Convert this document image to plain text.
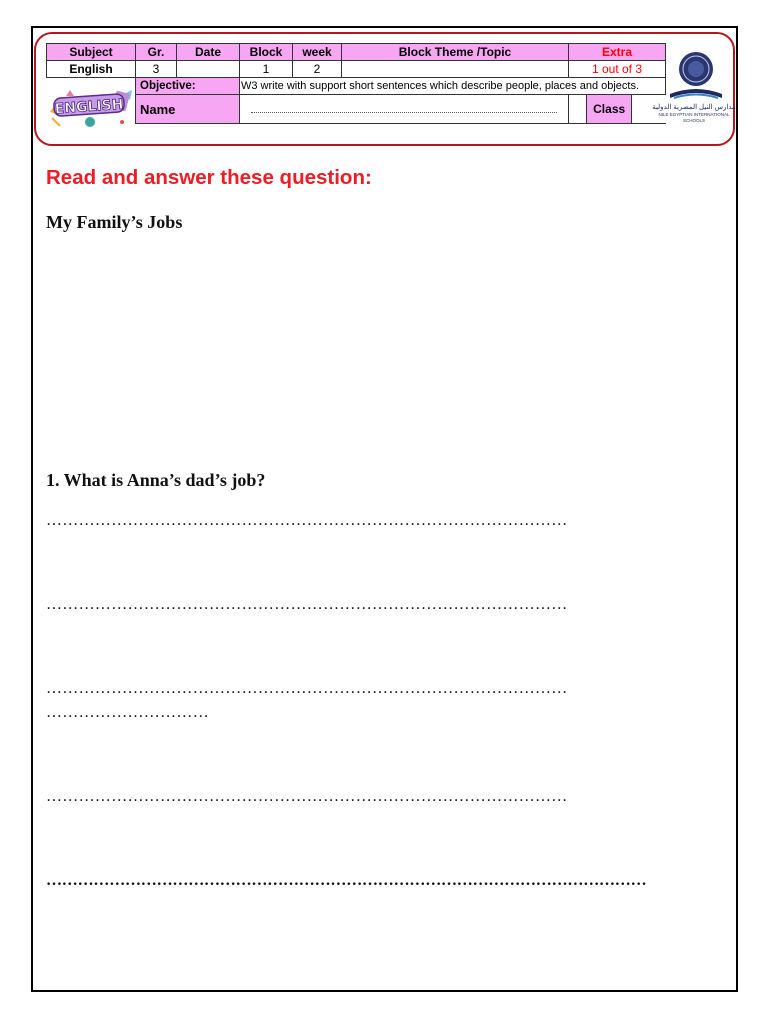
Subject	Gr.	Date	Block	week	Block Theme /Topic	Extra
English	3		1	2		1 out of 3
	Objective:		W3 write with support short sentences which describe people, places and objects.			
	Name					Class
ENGLISH	مدارس النيل المصرية الدولية
NILE EGYPTIAN INTERNATIONAL SCHOOLS
Read and answer these question:
My Family’s Jobs
1. What is Anna’s dad’s job?
……………………………………………………………………………………
……………………………………………………………………………………
……………………………………………………………………………………
…………………………
……………………………………………………………………………………
……………………………………………………………………………………………………
